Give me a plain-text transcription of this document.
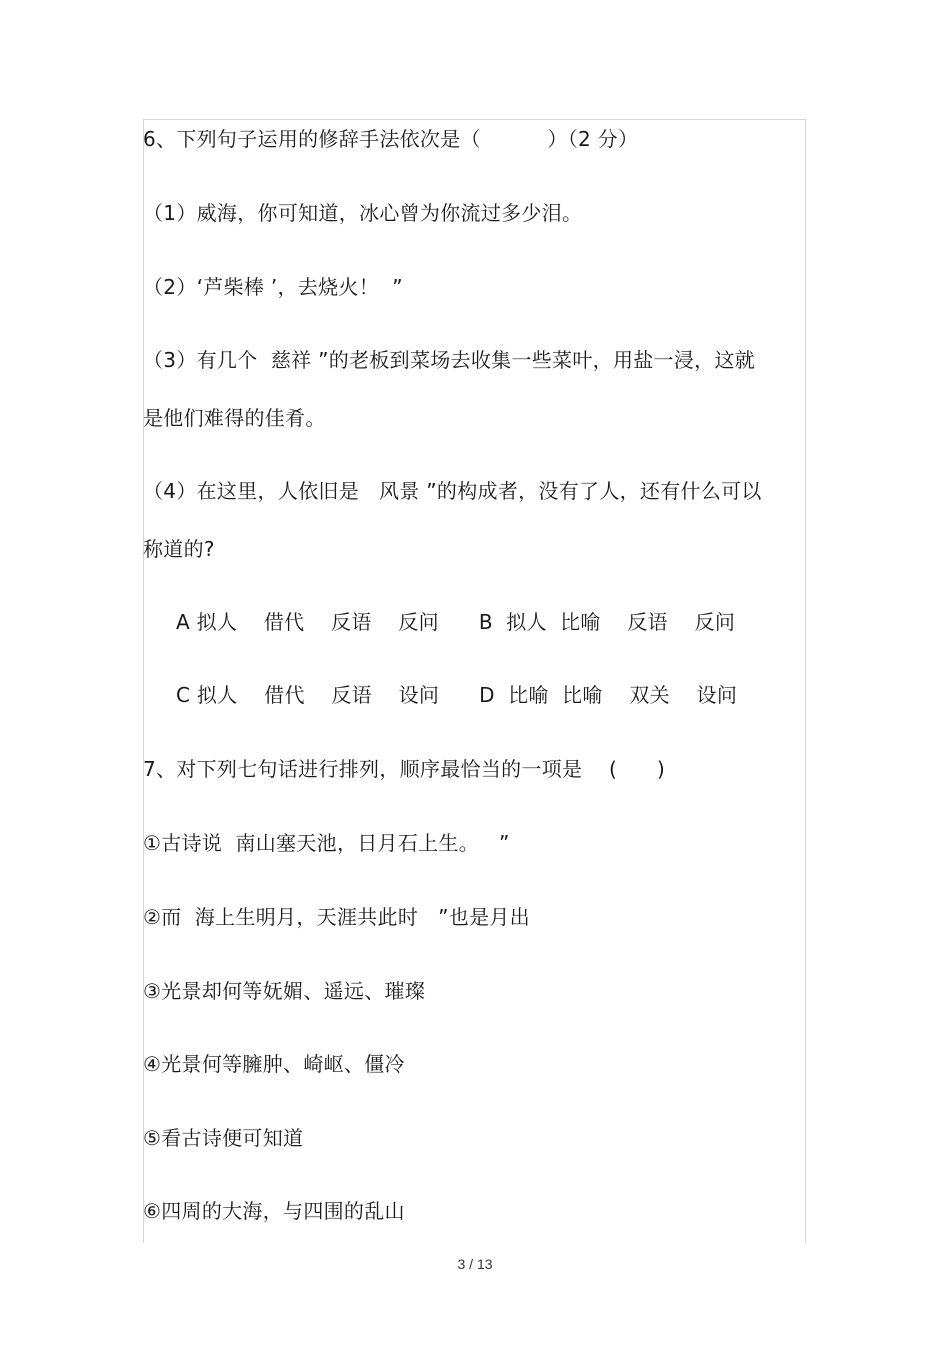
6、下列句子运用的修辞手法依次是（          ）（2 分）
（1）威海，你可知道，冰心曾为你流过多少泪。
（2）‘芦柴棒 ’，去烧火！  ”
（3）有几个  慈祥 ”的老板到菜场去收集一些菜叶，用盐一浸，这就
是他们难得的佳肴。
（4）在这里，人依旧是   风景 ”的构成者，没有了人，还有什么可以
称道的?
A 拟人    借代    反语    反问      B  拟人  比喻    反语    反问
C 拟人    借代    反语    设问      D  比喻  比喻    双关    设问
7、对下列七句话进行排列，顺序最恰当的一项是    (      )
①古诗说  南山塞天池，日月石上生。   ”
②而  海上生明月，天涯共此时   ”也是月出
③光景却何等妩媚、遥远、璀璨
④光景何等臃肿、崎岖、僵冷
⑤看古诗便可知道
⑥四周的大海，与四围的乱山
3 / 13
